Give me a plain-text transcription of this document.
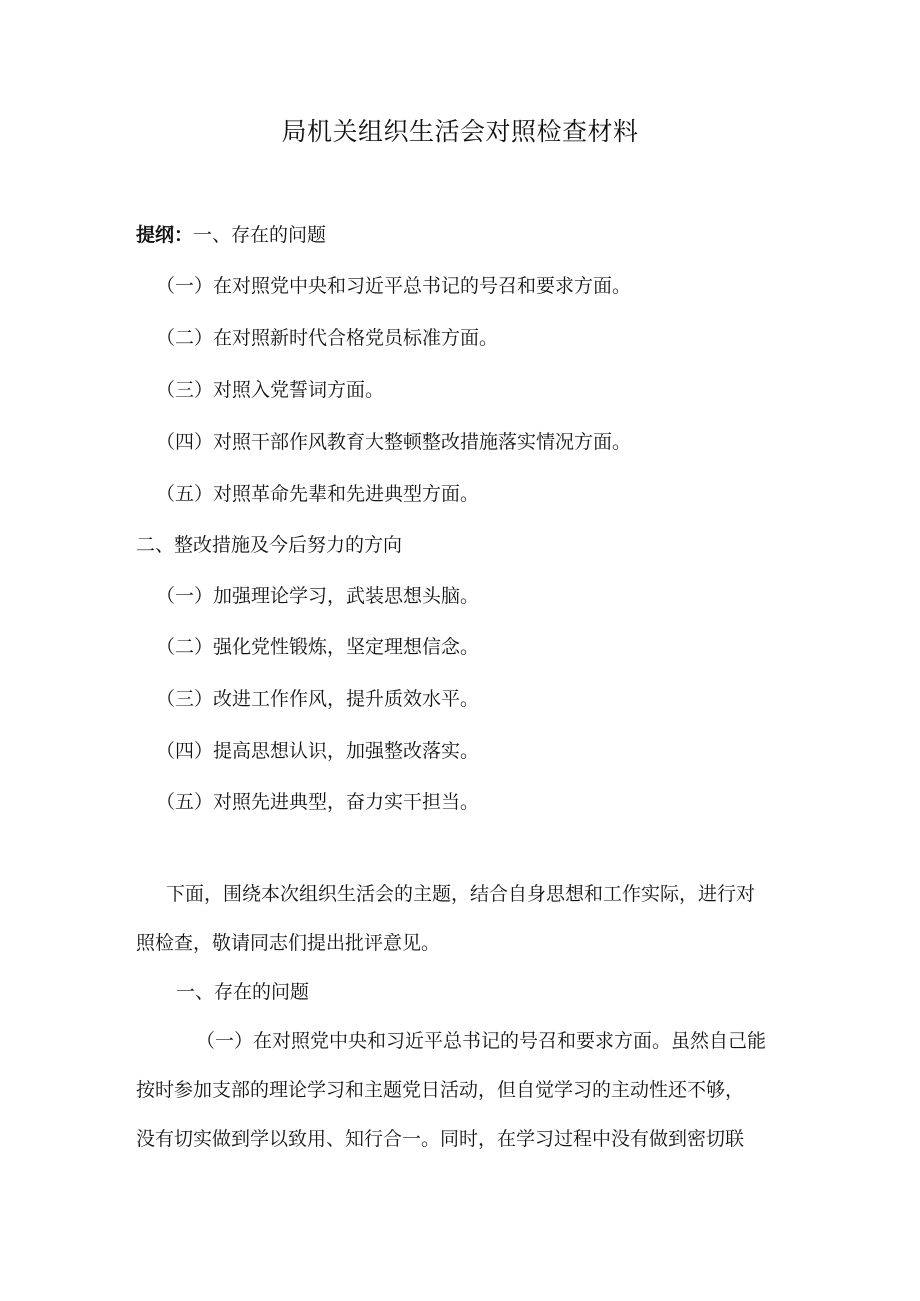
局机关组织生活会对照检查材料
提纲：一、存在的问题
（一）在对照党中央和习近平总书记的号召和要求方面。
（二）在对照新时代合格党员标准方面。
（三）对照入党誓词方面。
（四）对照干部作风教育大整顿整改措施落实情况方面。
（五）对照革命先辈和先进典型方面。
二、整改措施及今后努力的方向
（一）加强理论学习，武装思想头脑。
（二）强化党性锻炼，坚定理想信念。
（三）改进工作作风，提升质效水平。
（四）提高思想认识，加强整改落实。
（五）对照先进典型，奋力实干担当。
下面，围绕本次组织生活会的主题，结合自身思想和工作实际，进行对
照检查，敬请同志们提出批评意见。
一、存在的问题
（一）在对照党中央和习近平总书记的号召和要求方面。虽然自己能
按时参加支部的理论学习和主题党日活动，但自觉学习的主动性还不够，
没有切实做到学以致用、知行合一。同时，在学习过程中没有做到密切联
